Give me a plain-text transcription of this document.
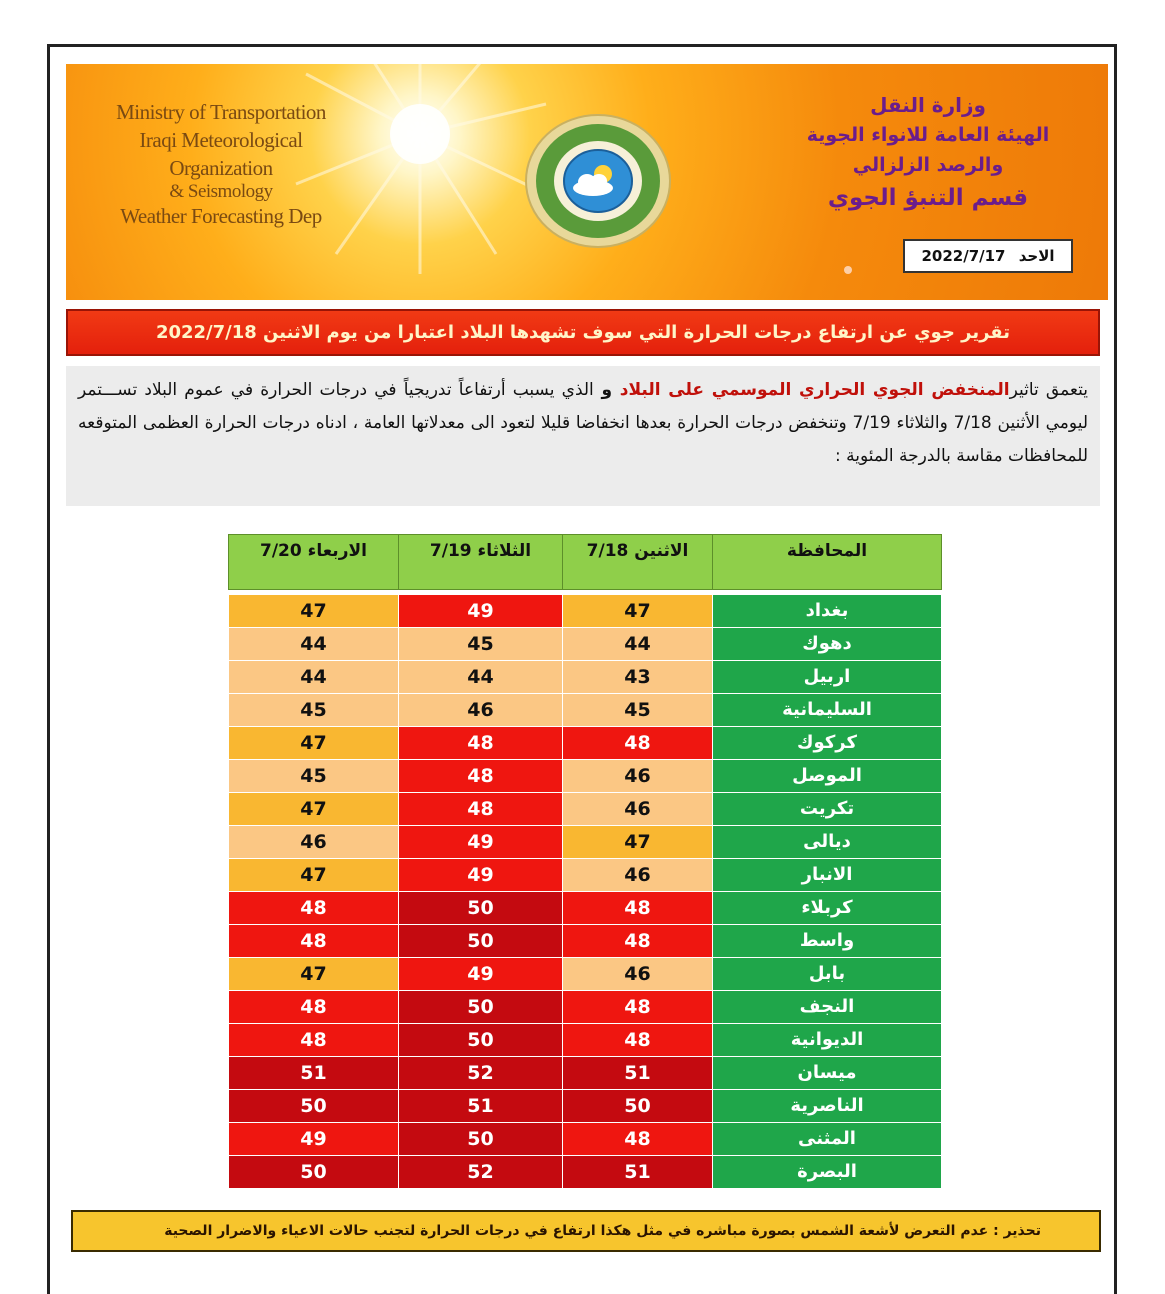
Ministry of Transportation
Iraqi Meteorological Organization
& Seismology
Weather Forecasting Dep
وزارة النقل
الهيئة العامة للانواء الجوية
والرصد الزلزالي
قسم التنبؤ الجوي
الاحد 2022/7/17
تقرير جوي عن ارتفاع درجات الحرارة التي سوف تشهدها البلاد اعتبارا من يوم الاثنين 2022/7/18
يتعمق تاثيرالمنخفض الجوي الحراري الموسمي على البلاد و الذي يسبب أرتفاعاً تدريجياً في درجات الحرارة في عموم البلاد تســـتمر ليومي الأثنين 7/18 والثلاثاء 7/19 وتنخفض درجات الحرارة بعدها انخفاضا قليلا لتعود الى معدلاتها العامة ، ادناه درجات الحرارة العظمى المتوقعه للمحافظات مقاسة بالدرجة المئوية :
المحافظة	الاثنين 7/18	الثلاثاء 7/19	الاربعاء 7/20

بغداد	47	49	47
دهوك	44	45	44
اربيل	43	44	44
السليمانية	45	46	45
كركوك	48	48	47
الموصل	46	48	45
تكريت	46	48	47
ديالى	47	49	46
الانبار	46	49	47
كربلاء	48	50	48
واسط	48	50	48
بابل	46	49	47
النجف	48	50	48
الديوانية	48	50	48
ميسان	51	52	51
الناصرية	50	51	50
المثنى	48	50	49
البصرة	51	52	50
تحذير : عدم التعرض لأشعة الشمس بصورة مباشره في مثل هكذا ارتفاع في درجات الحرارة لتجنب حالات الاعياء والاضرار الصحية
